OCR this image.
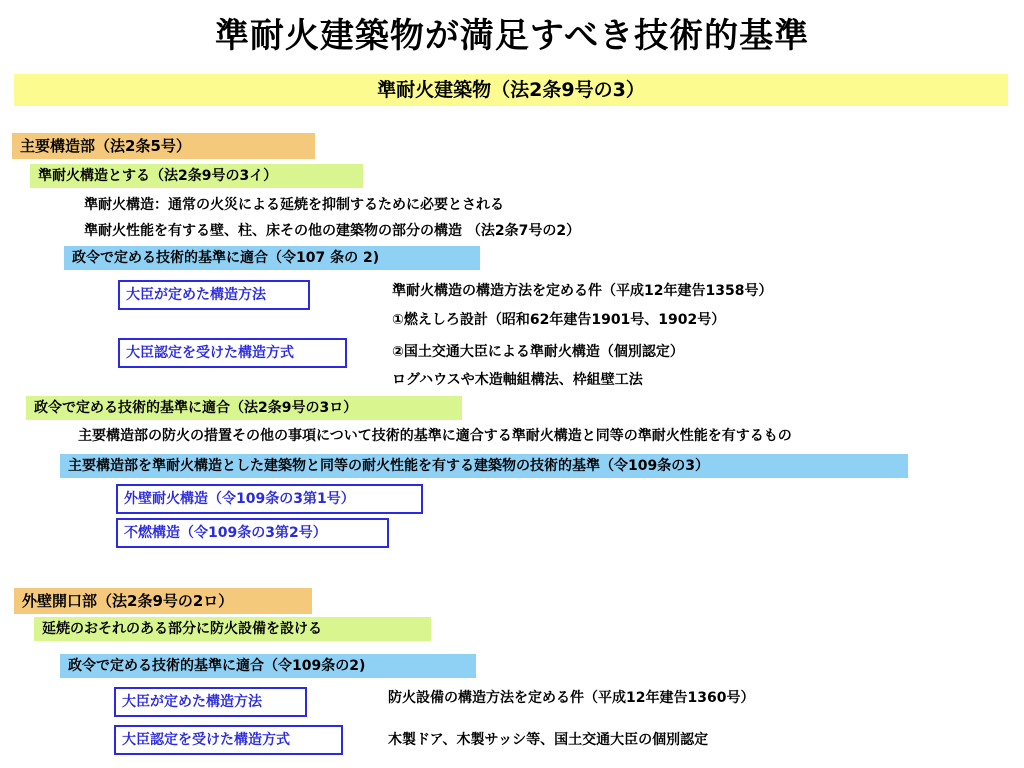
準耐火建築物が満足すべき技術的基準
準耐火建築物（法2条9号の3）
主要構造部（法2条5号）
準耐火構造とする（法2条9号の3イ）
準耐火構造：通常の火災による延焼を抑制するために必要とされる
準耐火性能を有する壁、柱、床その他の建築物の部分の構造 （法2条7号の2）
政令で定める技術的基準に適合（令107 条の 2)
大臣が定めた構造方法	準耐火構造の構造方法を定める件（平成12年建告1358号）
①燃えしろ設計（昭和62年建告1901号、1902号）
大臣認定を受けた構造方式	②国土交通大臣による準耐火構造（個別認定）
ログハウスや木造軸組構法、枠組壁工法
政令で定める技術的基準に適合（法2条9号の3ロ）
主要構造部の防火の措置その他の事項について技術的基準に適合する準耐火構造と同等の準耐火性能を有するもの
主要構造部を準耐火構造とした建築物と同等の耐火性能を有する建築物の技術的基準（令109条の3）
外壁耐火構造（令109条の3第1号）
不燃構造（令109条の3第2号）
外壁開口部（法2条9号の2ロ）
延焼のおそれのある部分に防火設備を設ける
政令で定める技術的基準に適合（令109条の2)
大臣が定めた構造方法	防火設備の構造方法を定める件（平成12年建告1360号）
大臣認定を受けた構造方式	木製ドア、木製サッシ等、国土交通大臣の個別認定
